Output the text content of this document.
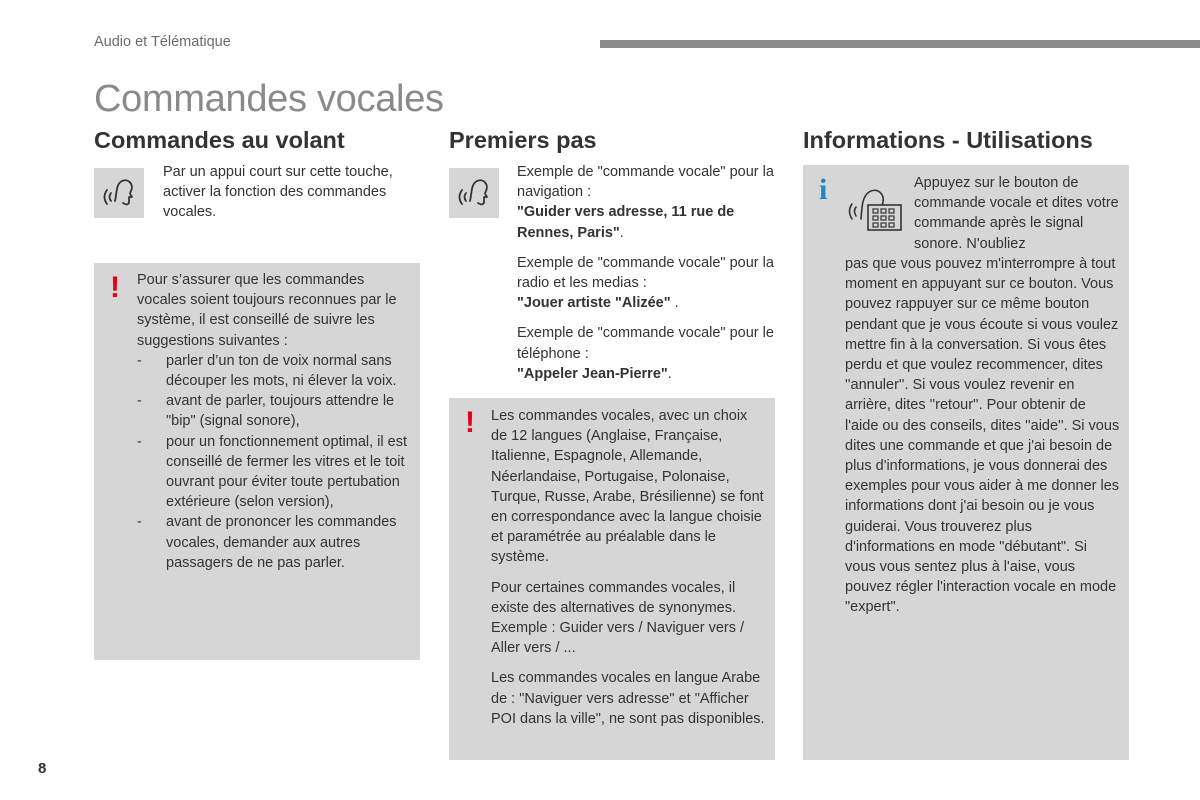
Audio et Télématique
Commandes vocales
Commandes au volant

Par un appui court sur cette touche, activer la fonction des commandes vocales.

! Pour s’assurer que les commandes vocales soient toujours reconnues par le système, il est conseillé de suivre les suggestions suivantes :

- parler d’un ton de voix normal sans découper les mots, ni élever la voix.
- avant de parler, toujours attendre le "bip" (signal sonore),
- pour un fonctionnement optimal, il est conseillé de fermer les vitres et le toit ouvrant pour éviter toute pertubation extérieure (selon version),
- avant de prononcer les commandes vocales, demander aux autres passagers de ne pas parler.
Premiers pas

Exemple de "commande vocale" pour la navigation :
"Guider vers adresse, 11 rue de Rennes, Paris".

Exemple de "commande vocale" pour la radio et les medias :
"Jouer artiste "Alizée" .

Exemple de "commande vocale" pour le téléphone :
"Appeler Jean-Pierre".

! Les commandes vocales, avec un choix de 12 langues (Anglaise, Française, Italienne, Espagnole, Allemande, Néerlandaise, Portugaise, Polonaise, Turque, Russe, Arabe, Brésilienne) se font en correspondance avec la langue choisie et paramétrée au préalable dans le système.

Pour certaines commandes vocales, il existe des alternatives de synonymes. Exemple : Guider vers / Naviguer vers / Aller vers / ...

Les commandes vocales en langue Arabe de : "Naviguer vers adresse" et "Afficher POI dans la ville", ne sont pas disponibles.

Informations - Utilisations
i	Appuyez sur le bouton de commande vocale et dites votre commande après le signal sonore. N'oubliez

pas que vous pouvez m'interrompre à tout moment en appuyant sur ce bouton. Vous pouvez rappuyer sur ce même bouton pendant que je vous écoute si vous voulez mettre fin à la conversation. Si vous êtes perdu et que voulez recommencer, dites ''annuler''. Si vous voulez revenir en arrière, dites ''retour''. Pour obtenir de l'aide ou des conseils, dites ''aide''. Si vous dites une commande et que j'ai besoin de plus d'informations, je vous donnerai des exemples pour vous aider à me donner les informations dont j'ai besoin ou je vous guiderai. Vous trouverez plus d'informations en mode "débutant". Si vous vous sentez plus à l'aise, vous pouvez régler l'interaction vocale en mode "expert".

8
